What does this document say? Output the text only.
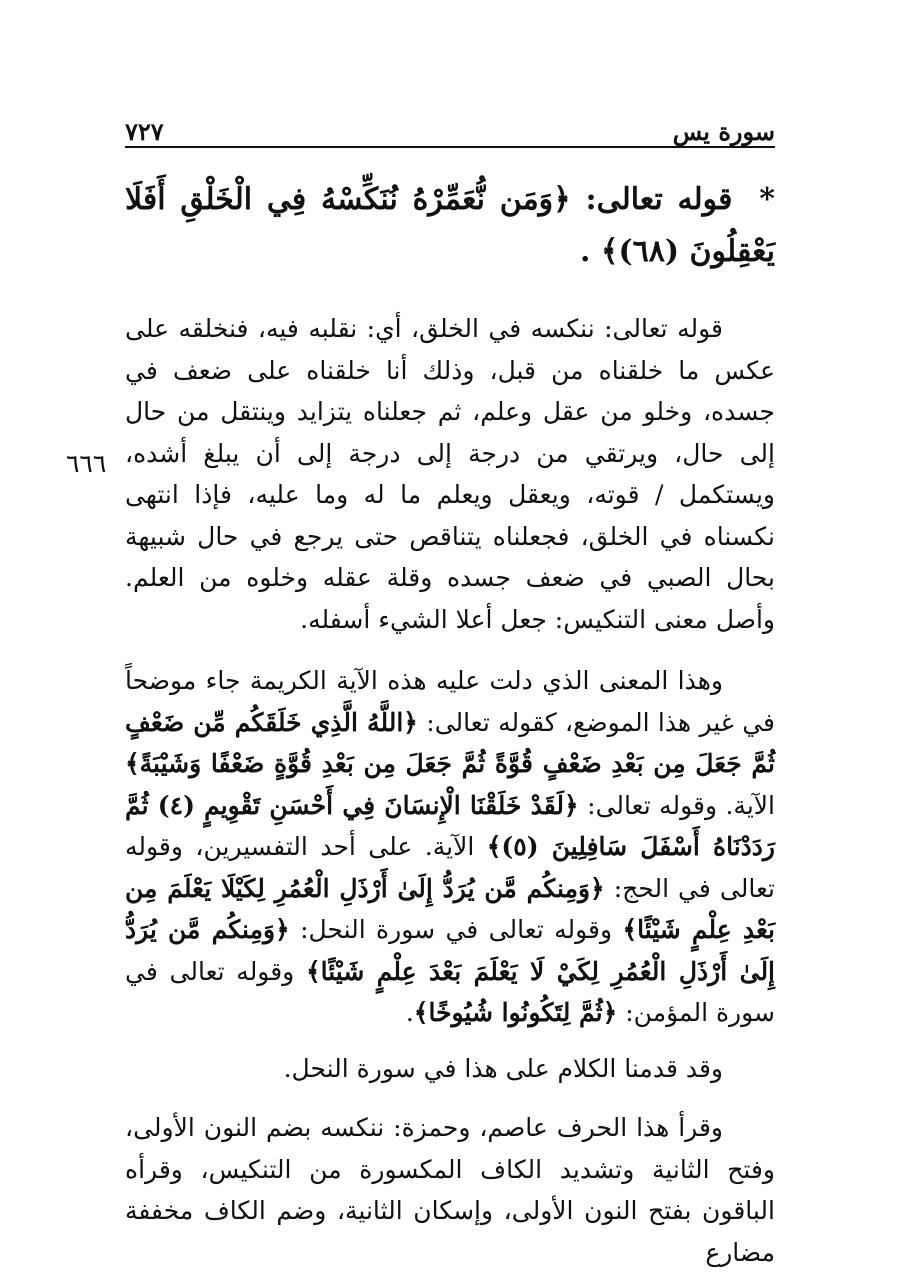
سورة يس
٧٢٧
* قوله تعالى: ﴿وَمَن نُّعَمِّرْهُ نُنَكِّسْهُ فِي الْخَلْقِ أَفَلَا يَعْقِلُونَ (٦٨)﴾ .

قوله تعالى: ننكسه في الخلق، أي: نقلبه فيه، فنخلقه على عكس ما خلقناه من قبل، وذلك أنا خلقناه على ضعف في جسده، وخلو من عقل وعلم، ثم جعلناه يتزايد وينتقل من حال إلى حال، ويرتقي من درجة إلى درجة إلى أن يبلغ أشده، ويستكمل / قوته، ويعقل ويعلم ما له وما عليه، فإذا انتهى نكسناه في الخلق، فجعلناه يتناقص حتى يرجع في حال شبيهة بحال الصبي في ضعف جسده وقلة عقله وخلوه من العلم. وأصل معنى التنكيس: جعل أعلا الشيء أسفله.

وهذا المعنى الذي دلت عليه هذه الآية الكريمة جاء موضحاً في غير هذا الموضع، كقوله تعالى: ﴿اللَّهُ الَّذِي خَلَقَكُم مِّن ضَعْفٍ ثُمَّ جَعَلَ مِن بَعْدِ ضَعْفٍ قُوَّةً ثُمَّ جَعَلَ مِن بَعْدِ قُوَّةٍ ضَعْفًا وَشَيْبَةً﴾ الآية. وقوله تعالى: ﴿لَقَدْ خَلَقْنَا الْإِنسَانَ فِي أَحْسَنِ تَقْوِيمٍ (٤) ثُمَّ رَدَدْنَاهُ أَسْفَلَ سَافِلِينَ (٥)﴾ الآية. على أحد التفسيرين، وقوله تعالى في الحج: ﴿وَمِنكُم مَّن يُرَدُّ إِلَىٰ أَرْذَلِ الْعُمُرِ لِكَيْلَا يَعْلَمَ مِن بَعْدِ عِلْمٍ شَيْئًا﴾ وقوله تعالى في سورة النحل: ﴿وَمِنكُم مَّن يُرَدُّ إِلَىٰ أَرْذَلِ الْعُمُرِ لِكَيْ لَا يَعْلَمَ بَعْدَ عِلْمٍ شَيْئًا﴾ وقوله تعالى في سورة المؤمن: ﴿ثُمَّ لِتَكُونُوا شُيُوخًا﴾.

وقد قدمنا الكلام على هذا في سورة النحل.

وقرأ هذا الحرف عاصم، وحمزة: ننكسه بضم النون الأولى، وفتح الثانية وتشديد الكاف المكسورة من التنكيس، وقرأه الباقون بفتح النون الأولى، وإسكان الثانية، وضم الكاف مخففة مضارع

٦٦٦
